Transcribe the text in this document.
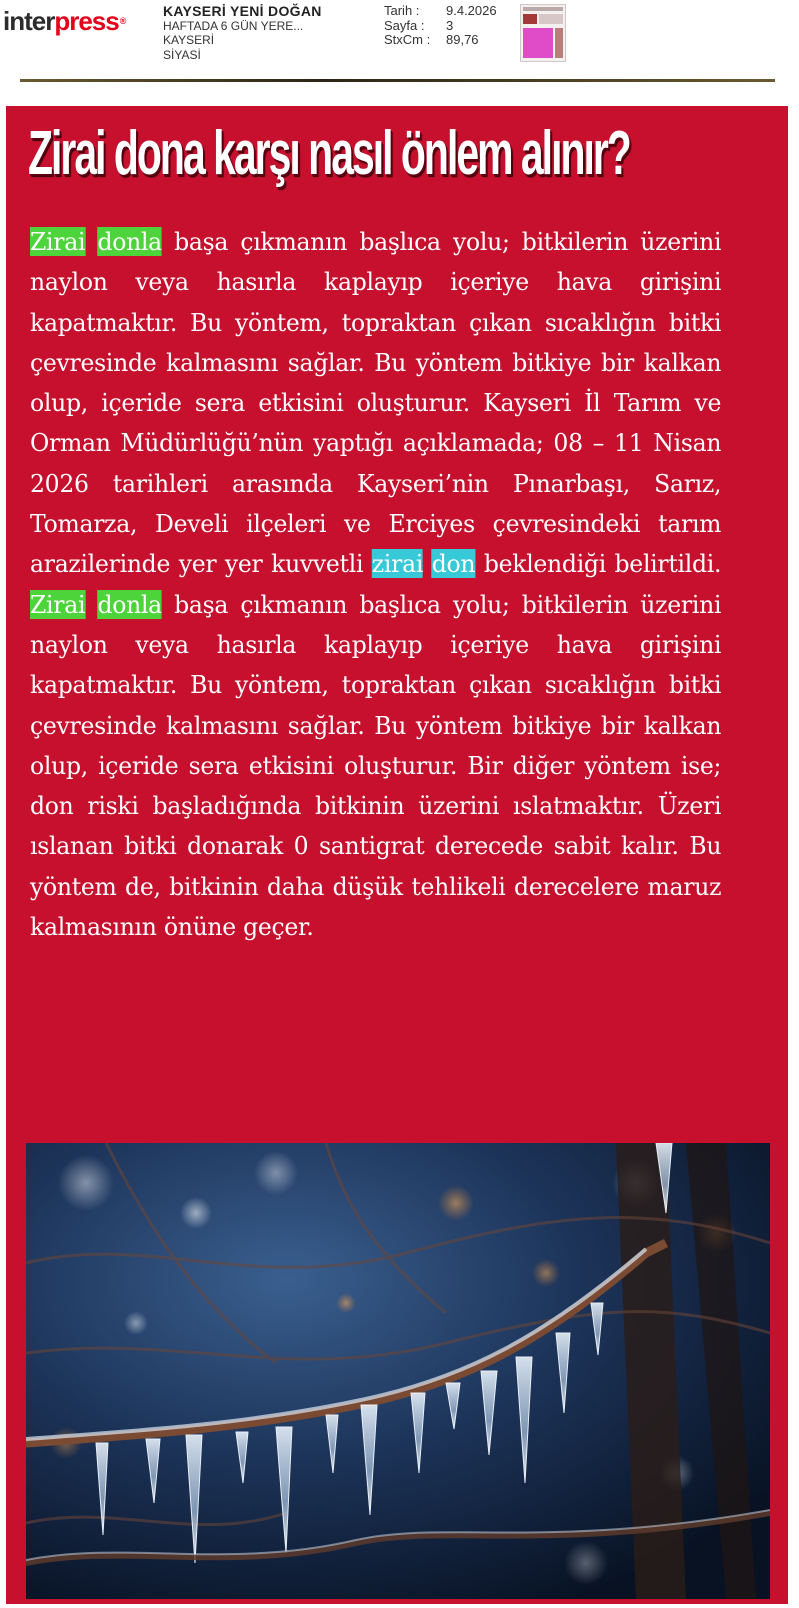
interpress®
KAYSERİ YENİ DOĞAN
HAFTADA 6 GÜN YERE...
KAYSERİ
SİYASİ
Tarih :	9.4.2026
Sayfa :	3
StxCm :	89,76
Zirai dona karşı nasıl önlem alınır?

Zirai donla başa çıkmanın başlıca yolu; bitkilerin üzerini naylon veya hasırla kaplayıp içeriye hava girişini kapatmaktır. Bu yöntem, topraktan çıkan sıcaklığın bitki çevresinde kalmasını sağlar. Bu yöntem bitkiye bir kalkan olup, içeride sera etkisini oluşturur. Kayseri İl Tarım ve Orman Müdürlüğü’nün yaptığı açıklamada; 08 – 11 Nisan 2026 tarihleri arasında Kayseri’nin Pınarbaşı, Sarız, Tomarza, Develi ilçeleri ve Erciyes çevresindeki tarım arazilerinde yer yer kuvvetli zirai don beklendiği belirtildi. Zirai donla başa çıkmanın başlıca yolu; bitkilerin üzerini naylon veya hasırla kaplayıp içeriye hava girişini kapatmaktır. Bu yöntem, topraktan çıkan sıcaklığın bitki çevresinde kalmasını sağlar. Bu yöntem bitkiye bir kalkan olup, içeride sera etkisini oluşturur. Bir diğer yöntem ise; don riski başladığında bitkinin üzerini ıslatmaktır. Üzeri ıslanan bitki donarak 0 santigrat derecede sabit kalır. Bu yöntem de, bitkinin daha düşük tehlikeli derecelere maruz kalmasının önüne geçer.
